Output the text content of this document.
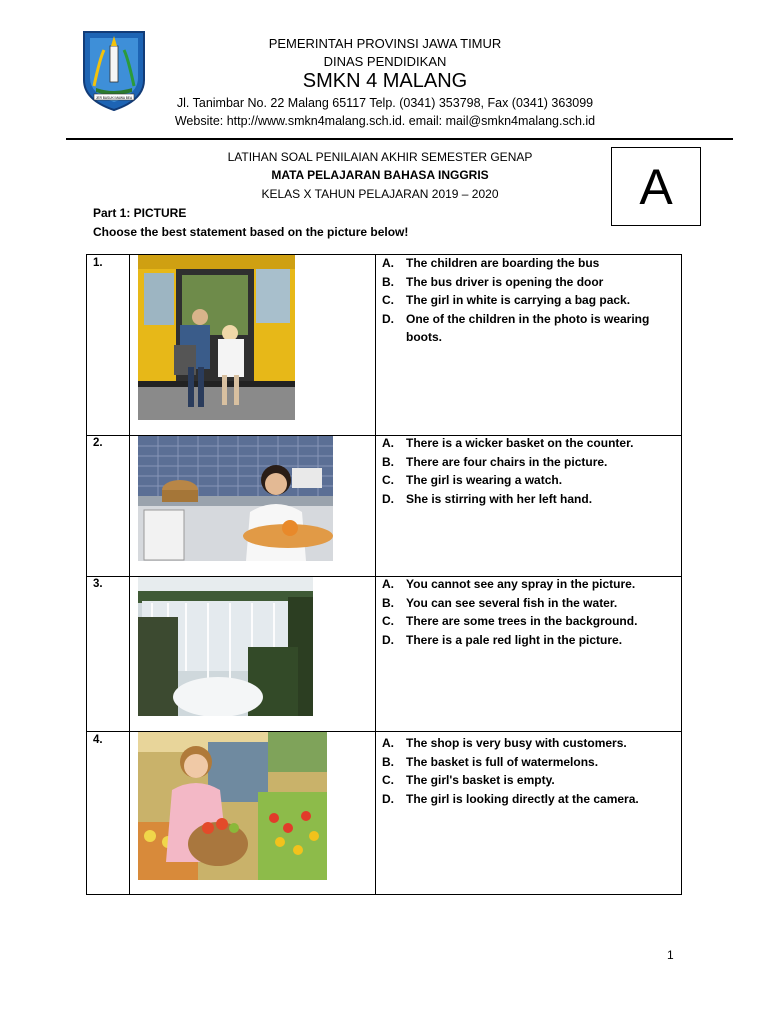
JER BASUKI MAWA BEA
PEMERINTAH PROVINSI JAWA TIMUR
DINAS PENDIDIKAN
SMKN 4 MALANG
Jl. Tanimbar No. 22 Malang 65117 Telp. (0341) 353798, Fax (0341) 363099
Website: http://www.smkn4malang.sch.id. email: mail@smkn4malang.sch.id
LATIHAN SOAL PENILAIAN AKHIR SEMESTER GENAP
MATA PELAJARAN BAHASA INGGRIS
KELAS X TAHUN PELAJARAN 2019 – 2020	A
Part 1: PICTURE
Choose the best statement based on the picture below!
1.	A.	The children are boarding the bus
B.	The bus driver is opening the door
C.	The girl in white is carrying a bag pack.
D.	One of the children in the photo is wearing boots.
2.	A.	There is a wicker basket on the counter.
B.	There are four chairs in the picture.
C.	The girl is wearing a watch.
D.	She is stirring with her left hand.
3.	A.	You cannot see any spray in the picture.
B.	You can see several fish in the water.
C.	There are some trees in the background.
D.	There is a pale red light in the picture.
4.	A.	The shop is very busy with customers.
B.	The basket is full of watermelons.
C.	The girl's basket is empty.
D.	The girl is looking directly at the camera.
1
